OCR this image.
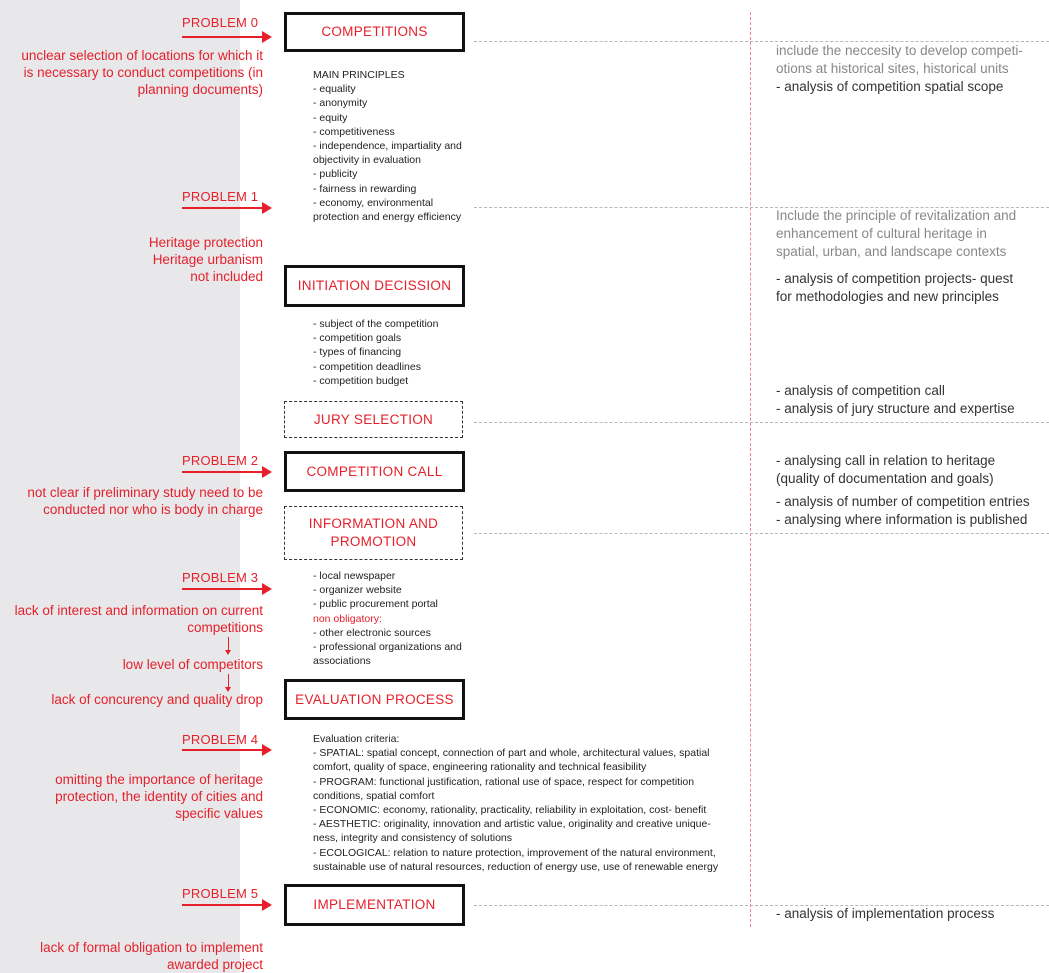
PROBLEM 0
unclear selection of locations for which it
is necessary to conduct competitions (in
planning documents)
PROBLEM 1
Heritage protection
Heritage urbanism
not included
PROBLEM 2
not clear if preliminary study need to be
conducted nor who is body in charge
PROBLEM 3
lack of interest and information on current
competitions
low level of competitors
lack of concurency and quality drop
PROBLEM 4
omitting the importance of heritage
protection, the identity of cities and
specific values
PROBLEM 5
lack of formal obligation to implement
awarded project
COMPETITIONS
MAIN PRINCIPLES
- equality
- anonymity
- equity
- competitiveness
- independence, impartiality and
objectivity in evaluation
- publicity
- fairness in rewarding
- economy, environmental
protection and energy efficiency
INITIATION DECISSION
- subject of the competition
- competition goals
- types of financing
- competition deadlines
- competition budget
JURY SELECTION
COMPETITION CALL
INFORMATION AND
PROMOTION
- local newspaper
- organizer website
- public procurement portal
non obligatory:
- other electronic sources
- professional organizations and
associations
EVALUATION PROCESS
Evaluation criteria:
- SPATIAL: spatial concept, connection of part and whole, architectural values, spatial
comfort, quality of space, engineering rationality and technical feasibility
- PROGRAM: functional justification, rational use of space, respect for competition
conditions, spatial comfort
- ECONOMIC: economy, rationality, practicality, reliability in exploitation, cost- benefit
- AESTHETIC: originality, innovation and artistic value, originality and creative unique-
ness, integrity and consistency of solutions
- ECOLOGICAL: relation to nature protection, improvement of the natural environment,
sustainable use of natural resources, reduction of energy use, use of renewable energy
IMPLEMENTATION
include the neccesity to develop competi-
otions at historical sites, historical units
- analysis of competition spatial scope
Include the principle of revitalization and
enhancement of cultural heritage in
spatial, urban, and landscape contexts
- analysis of competition projects- quest
for methodologies and new principles
- analysis of competition call
- analysis of jury structure and expertise
- analysing call in relation to heritage
(quality of documentation and goals)
- analysis of number of competition entries
- analysing where information is published
- analysis of implementation process
